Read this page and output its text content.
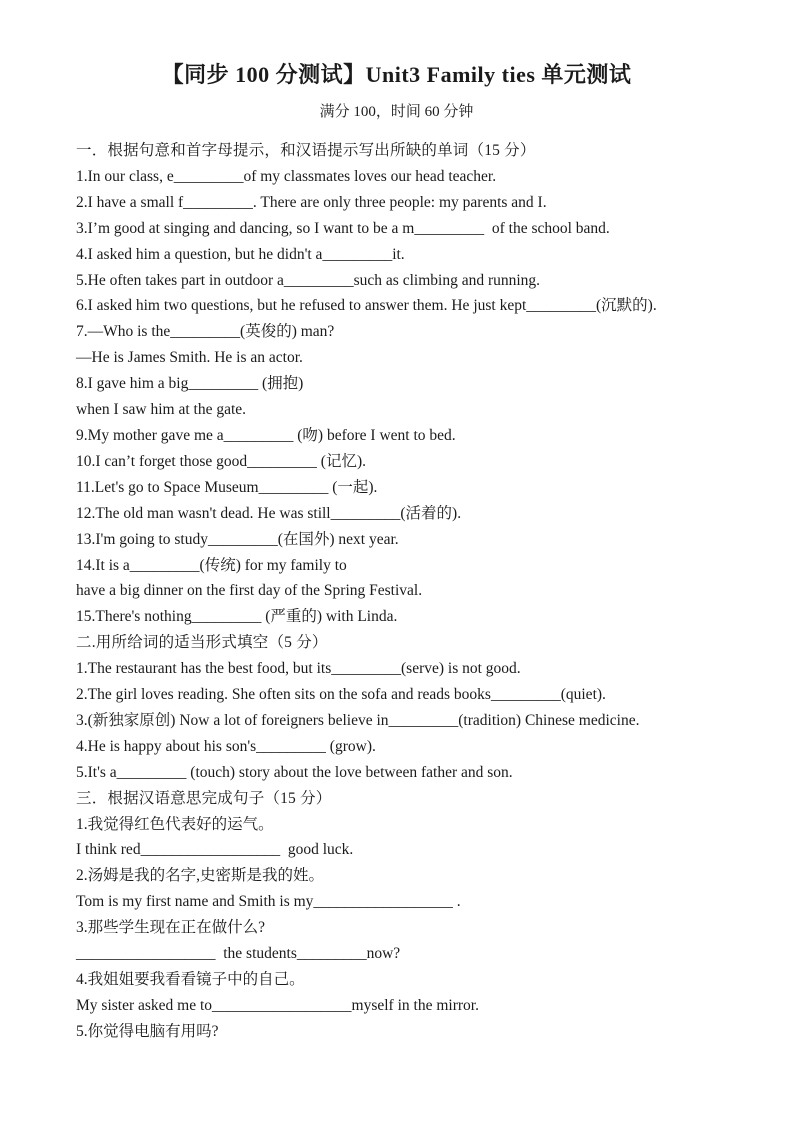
【同步 100 分测试】Unit3 Family ties 单元测试

满分 100，时间 60 分钟

一．根据句意和首字母提示，和汉语提示写出所缺的单词（15 分）

1.In our class, e_________of my classmates loves our head teacher.

2.I have a small f_________. There are only three people: my parents and I.

3.I’m good at singing and dancing, so I want to be a m_________  of the school band.

4.I asked him a question, but he didn't a_________it.

5.He often takes part in outdoor a_________such as climbing and running.

6.I asked him two questions, but he refused to answer them. He just kept_________(沉默的).

7.—Who is the_________(英俊的) man?

—He is James Smith. He is an actor.

8.I gave him a big_________ (拥抱)

when I saw him at the gate.

9.My mother gave me a_________ (吻) before I went to bed.

10.I can’t forget those good_________ (记忆).

11.Let's go to Space Museum_________ (一起).

12.The old man wasn't dead. He was still_________(活着的).

13.I'm going to study_________(在国外) next year.

14.It is a_________(传统) for my family to

have a big dinner on the first day of the Spring Festival.

15.There's nothing_________ (严重的) with Linda.

二.用所给词的适当形式填空（5 分）

1.The restaurant has the best food, but its_________(serve) is not good.

2.The girl loves reading. She often sits on the sofa and reads books_________(quiet).

3.(新独家原创) Now a lot of foreigners believe in_________(tradition) Chinese medicine.

4.He is happy about his son's_________ (grow).

5.It's a_________ (touch) story about the love between father and son.

三．根据汉语意思完成句子（15 分）

1.我觉得红色代表好的运气。

I think red__________________  good luck.

2.汤姆是我的名字,史密斯是我的姓。

Tom is my first name and Smith is my__________________ .

3.那些学生现在正在做什么?

__________________  the students_________now?

4.我姐姐要我看看镜子中的自己。

My sister asked me to__________________myself in the mirror.

5.你觉得电脑有用吗?
